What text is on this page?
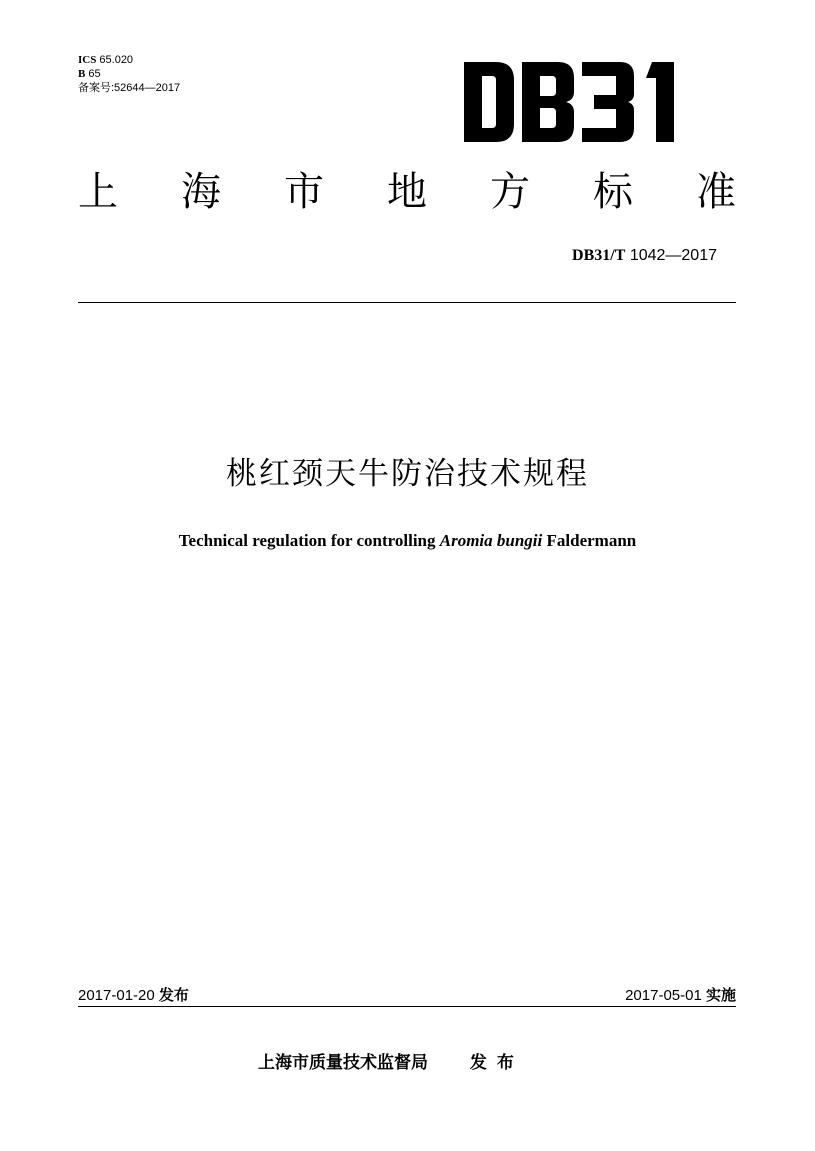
ICS 65.020
B 65
备案号:52644—2017
上 海 市 地 方 标 准
DB31/T 1042—2017
桃红颈天牛防治技术规程
Technical regulation for controlling Aromia bungii Faldermann
2017-01-20 发布	2017-05-01 实施
上海市质量技术监督局 发布
